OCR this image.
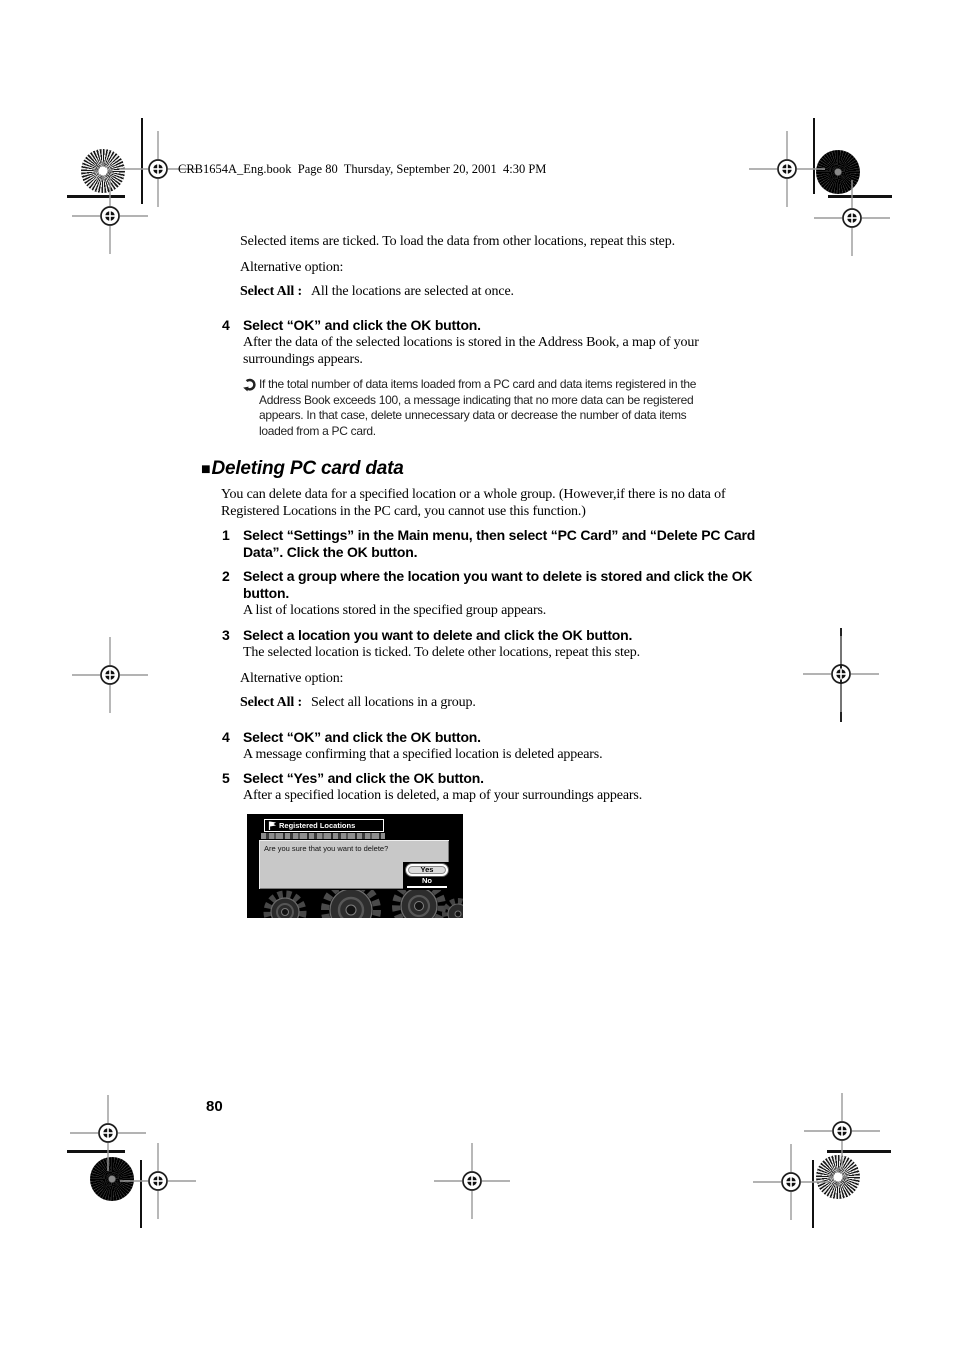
CRB1654A_Eng.book  Page 80  Thursday, September 20, 2001  4:30 PM
Selected items are ticked. To load the data from other locations, repeat this step.
Alternative option:
Select All : All the locations are selected at once.
4 Select “OK” and click the OK button.
After the data of the selected locations is stored in the Address Book, a map of your surroundings appears.
If the total number of data items loaded from a PC card and data items registered in the Address Book exceeds 100, a message indicating that no more data can be registered appears. In that case, delete unnecessary data or decrease the number of data items loaded from a PC card.
■Deleting PC card data
You can delete data for a specified location or a whole group. (However,if there is no data of Registered Locations in the PC card, you cannot use this function.)
1 Select “Settings” in the Main menu, then select “PC Card” and “Delete PC Card Data”. Click the OK button.
2 Select a group where the location you want to delete is stored and click the OK button.
A list of locations stored in the specified group appears.
3 Select a location you want to delete and click the OK button.
The selected location is ticked. To delete other locations, repeat this step.
Alternative option:
Select All : Select all locations in a group.
4 Select “OK” and click the OK button.
A message confirming that a specified location is deleted appears.
5 Select “Yes” and click the OK button.
After a specified location is deleted, a map of your surroundings appears.
Registered Locations
Are you sure that you want to delete?
Yes
No
80
